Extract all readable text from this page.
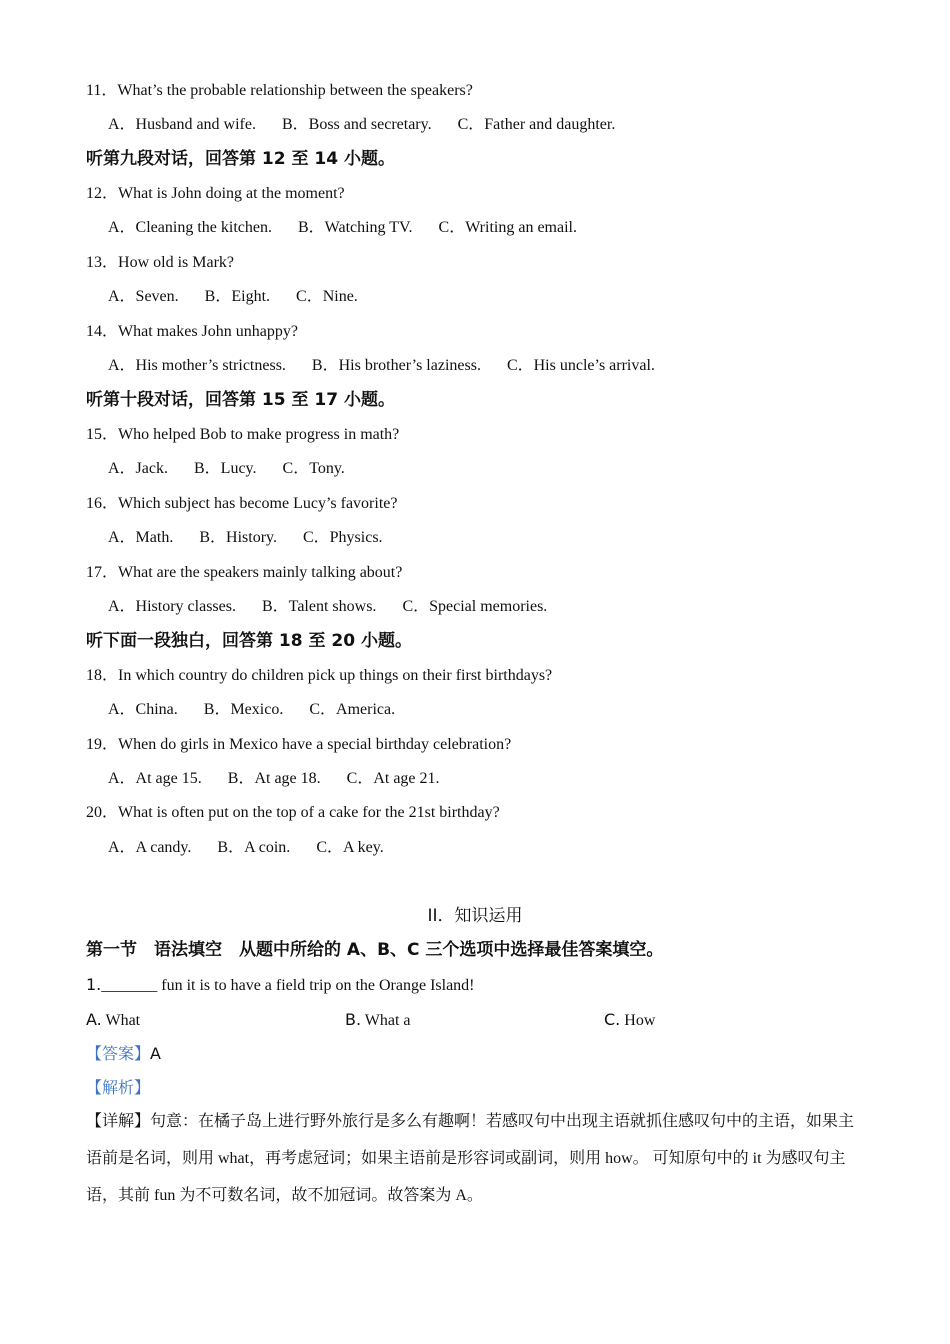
11．What’s the probable relationship between the speakers?
A．Husband and wife. B．Boss and secretary. C．Father and daughter.
听第九段对话，回答第 12 至 14 小题。
12．What is John doing at the moment?
A．Cleaning the kitchen. B．Watching TV. C．Writing an email.
13．How old is Mark?
A．Seven. B．Eight. C．Nine.
14．What makes John unhappy?
A．His mother’s strictness. B．His brother’s laziness. C．His uncle’s arrival.
听第十段对话，回答第 15 至 17 小题。
15．Who helped Bob to make progress in math?
A．Jack. B．Lucy. C．Tony.
16．Which subject has become Lucy’s favorite?
A．Math. B．History. C．Physics.
17．What are the speakers mainly talking about?
A．History classes. B．Talent shows. C．Special memories.
听下面一段独白，回答第 18 至 20 小题。
18．In which country do children pick up things on their first birthdays?
A．China. B．Mexico. C．America.
19．When do girls in Mexico have a special birthday celebration?
A．At age 15. B．At age 18. C．At age 21.
20．What is often put on the top of a cake for the 21st birthday?
A．A candy. B．A coin. C．A key.
II．知识运用
第一节　语法填空　从题中所给的 A、B、C 三个选项中选择最佳答案填空。
1._______ fun it is to have a field trip on the Orange Island!
A. What	B. What a	C. How
【答案】A
【解析】
【详解】句意：在橘子岛上进行野外旅行是多么有趣啊！若感叹句中出现主语就抓住感叹句中的主语，如果主语前是名词，则用 what，再考虑冠词；如果主语前是形容词或副词，则用 how。 可知原句中的 it 为感叹句主语，其前 fun 为不可数名词，故不加冠词。故答案为 A。
